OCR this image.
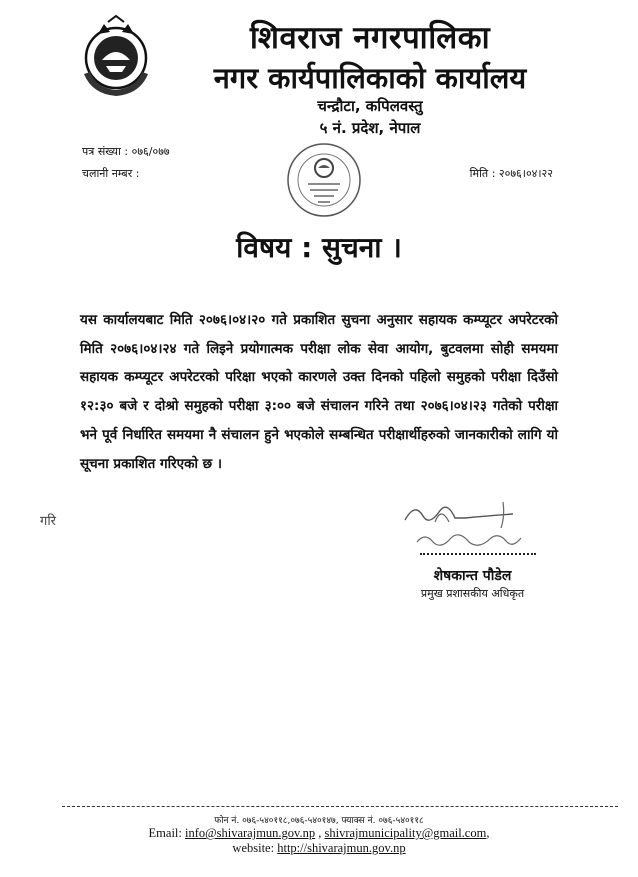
शिवराज नगरपालिका
नगर कार्यपालिकाको कार्यालय
चन्द्रौटा, कपिलवस्तु
५ नं. प्रदेश, नेपाल
पत्र संख्या : ०७६/०७७
चलानी नम्बर :	मिति : २०७६।०४।२२
विषय : सुचना ।

यस कार्यालयबाट मिति २०७६।०४।२० गते प्रकाशित सुचना अनुसार सहायक कम्प्यूटर अपरेटरको मिति २०७६।०४।२४ गते लिइने प्रयोगात्मक परीक्षा लोक सेवा आयोग, बुटवलमा सोही समयमा सहायक कम्प्यूटर अपरेटरको परिक्षा भएको कारणले उक्त दिनको पहिलो समुहको परीक्षा दिउँसो १२:३० बजे र दोश्रो समुहको परीक्षा ३:०० बजे संचालन गरिने तथा २०७६।०४।२३ गतेको परीक्षा भने पूर्व निर्धारित समयमा नै संचालन हुने भएकोले सम्बन्धित परीक्षार्थीहरुको जानकारीको लागि यो सूचना प्रकाशित गरिएको छ ।

गरि
शेषकान्त पौडेल
प्रमुख प्रशासकीय अधिकृत
फोन नं. ०७६-५४०११८,०७६-५४०१४७, फ्याक्स नं. ०७६-५४०११८
Email: info@shivarajmun.gov.np , shivrajmunicipality@gmail.com,
website: http://shivarajmun.gov.np
